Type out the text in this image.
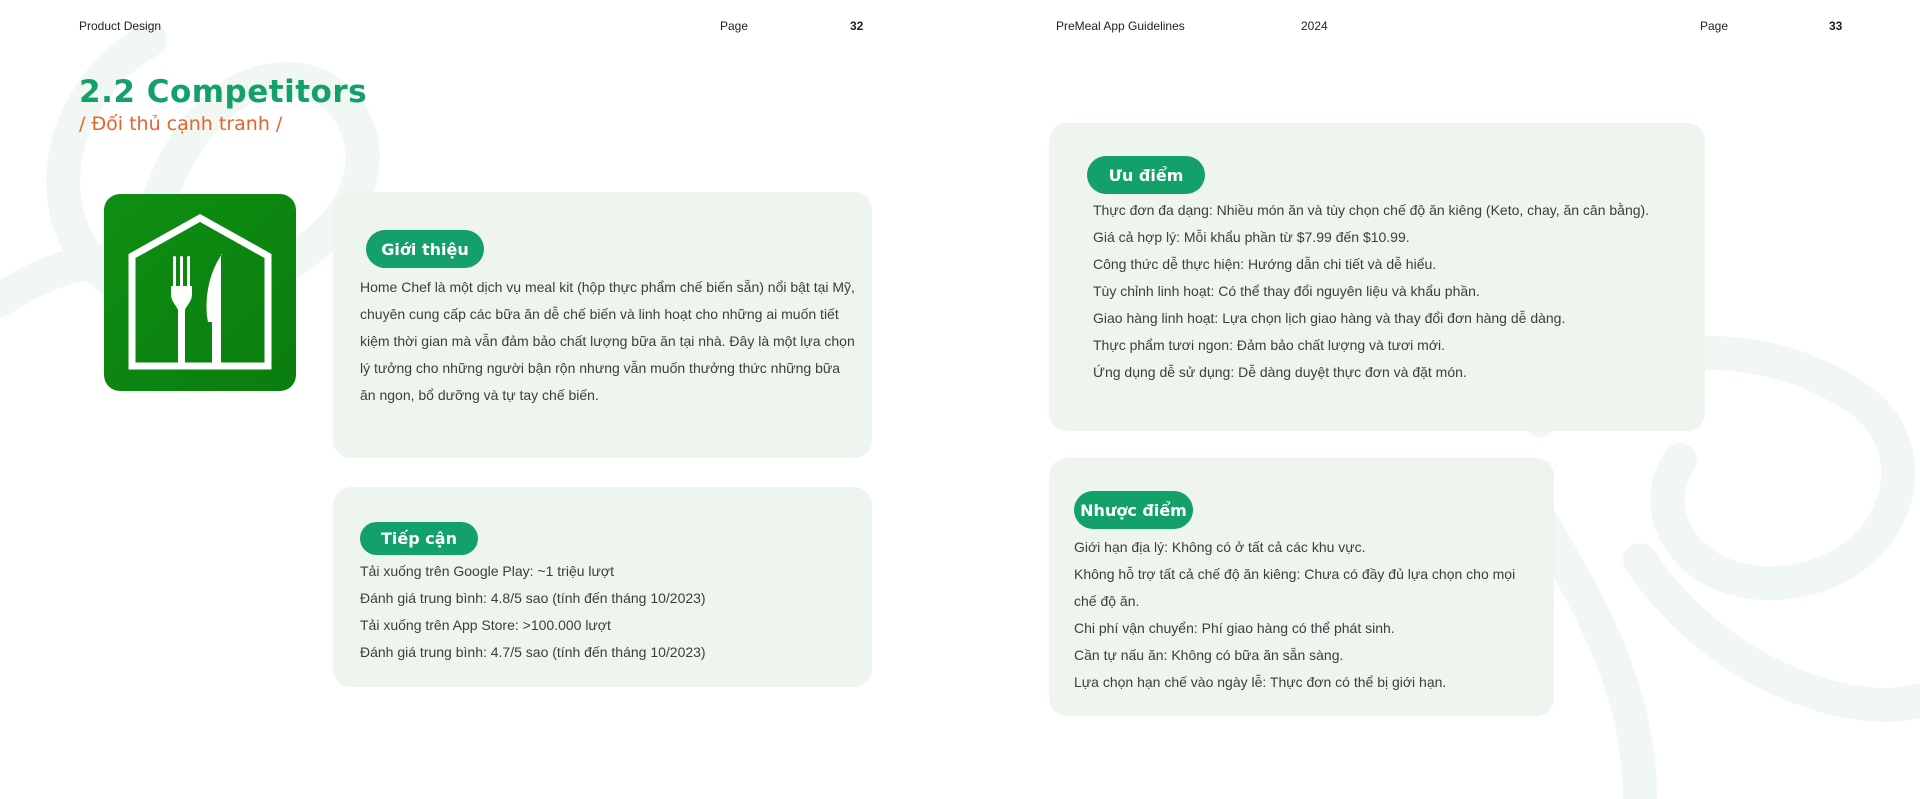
Product Design	Page	32	PreMeal App Guidelines	2024	Page	33
2.2 Competitors
/ Đối thủ cạnh tranh /
Giới thiệu
Home Chef là một dịch vụ meal kit (hộp thực phẩm chế biến sẵn) nổi bật tại Mỹ, chuyên cung cấp các bữa ăn dễ chế biến và linh hoạt cho những ai muốn tiết kiệm thời gian mà vẫn đảm bảo chất lượng bữa ăn tại nhà. Đây là một lựa chọn lý tưởng cho những người bận rộn nhưng vẫn muốn thưởng thức những bữa ăn ngon, bổ dưỡng và tự tay chế biến.
Tiếp cận
Tải xuống trên Google Play: ~1 triệu lượt
Đánh giá trung bình: 4.8/5 sao (tính đến tháng 10/2023)
Tải xuống trên App Store: >100.000 lượt
Đánh giá trung bình: 4.7/5 sao (tính đến tháng 10/2023)
Ưu điểm
Thực đơn đa dạng: Nhiều món ăn và tùy chọn chế độ ăn kiêng (Keto, chay, ăn cân bằng).
Giá cả hợp lý: Mỗi khẩu phần từ $7.99 đến $10.99.
Công thức dễ thực hiện: Hướng dẫn chi tiết và dễ hiểu.
Tùy chỉnh linh hoạt: Có thể thay đổi nguyên liệu và khẩu phần.
Giao hàng linh hoạt: Lựa chọn lịch giao hàng và thay đổi đơn hàng dễ dàng.
Thực phẩm tươi ngon: Đảm bảo chất lượng và tươi mới.
Ứng dụng dễ sử dụng: Dễ dàng duyệt thực đơn và đặt món.
Nhược điểm
Giới hạn địa lý: Không có ở tất cả các khu vực.
Không hỗ trợ tất cả chế độ ăn kiêng: Chưa có đầy đủ lựa chọn cho mọi chế độ ăn.
Chi phí vận chuyển: Phí giao hàng có thể phát sinh.
Cần tự nấu ăn: Không có bữa ăn sẵn sàng.
Lựa chọn hạn chế vào ngày lễ: Thực đơn có thể bị giới hạn.
